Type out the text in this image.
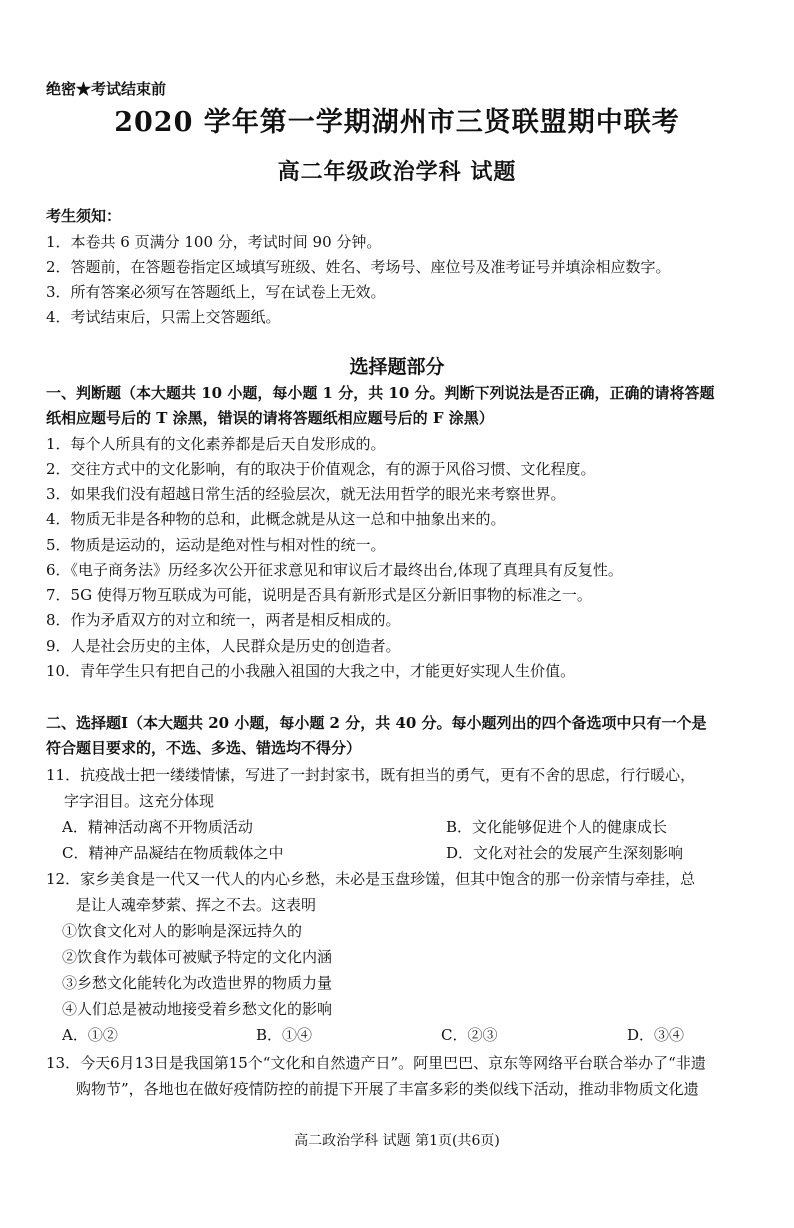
绝密★考试结束前
2020 学年第一学期湖州市三贤联盟期中联考
高二年级政治学科 试题
考生须知：
1．本卷共 6 页满分 100 分，考试时间 90 分钟。
2．答题前，在答题卷指定区域填写班级、姓名、考场号、座位号及准考证号并填涂相应数字。
3．所有答案必须写在答题纸上，写在试卷上无效。
4．考试结束后，只需上交答题纸。
选择题部分
一、判断题（本大题共 10 小题，每小题 1 分，共 10 分。判断下列说法是否正确，正确的请将答题
纸相应题号后的 T 涂黑，错误的请将答题纸相应题号后的 F 涂黑）
1．每个人所具有的文化素养都是后天自发形成的。
2．交往方式中的文化影响，有的取决于价值观念，有的源于风俗习惯、文化程度。
3．如果我们没有超越日常生活的经验层次，就无法用哲学的眼光来考察世界。
4．物质无非是各种物的总和，此概念就是从这一总和中抽象出来的。
5．物质是运动的，运动是绝对性与相对性的统一。
6．《电子商务法》历经多次公开征求意见和审议后才最终出台,体现了真理具有反复性。
7．5G 使得万物互联成为可能，说明是否具有新形式是区分新旧事物的标准之一。
8．作为矛盾双方的对立和统一，两者是相反相成的。
9．人是社会历史的主体，人民群众是历史的创造者。
10．青年学生只有把自己的小我融入祖国的大我之中，才能更好实现人生价值。
二、选择题Ⅰ（本大题共 20 小题，每小题 2 分，共 40 分。每小题列出的四个备选项中只有一个是
符合题目要求的，不选、多选、错选均不得分）
11．抗疫战士把一缕缕情愫，写进了一封封家书，既有担当的勇气，更有不舍的思虑，行行暖心，
字字泪目。这充分体现
A．精神活动离不开物质活动	B．文化能够促进个人的健康成长
C．精神产品凝结在物质载体之中	D．文化对社会的发展产生深刻影响
12．家乡美食是一代又一代人的内心乡愁，未必是玉盘珍馐，但其中饱含的那一份亲情与牵挂，总
是让人魂牵梦萦、挥之不去。这表明
①饮食文化对人的影响是深远持久的
②饮食作为载体可被赋予特定的文化内涵
③乡愁文化能转化为改造世界的物质力量
④人们总是被动地接受着乡愁文化的影响
A．①②	B．①④	C．②③	D．③④
13．今天6月13日是我国第15个“文化和自然遗产日”。阿里巴巴、京东等网络平台联合举办了“非遗
购物节”，各地也在做好疫情防控的前提下开展了丰富多彩的类似线下活动，推动非物质文化遗
高二政治学科 试题 第1页(共6页)
